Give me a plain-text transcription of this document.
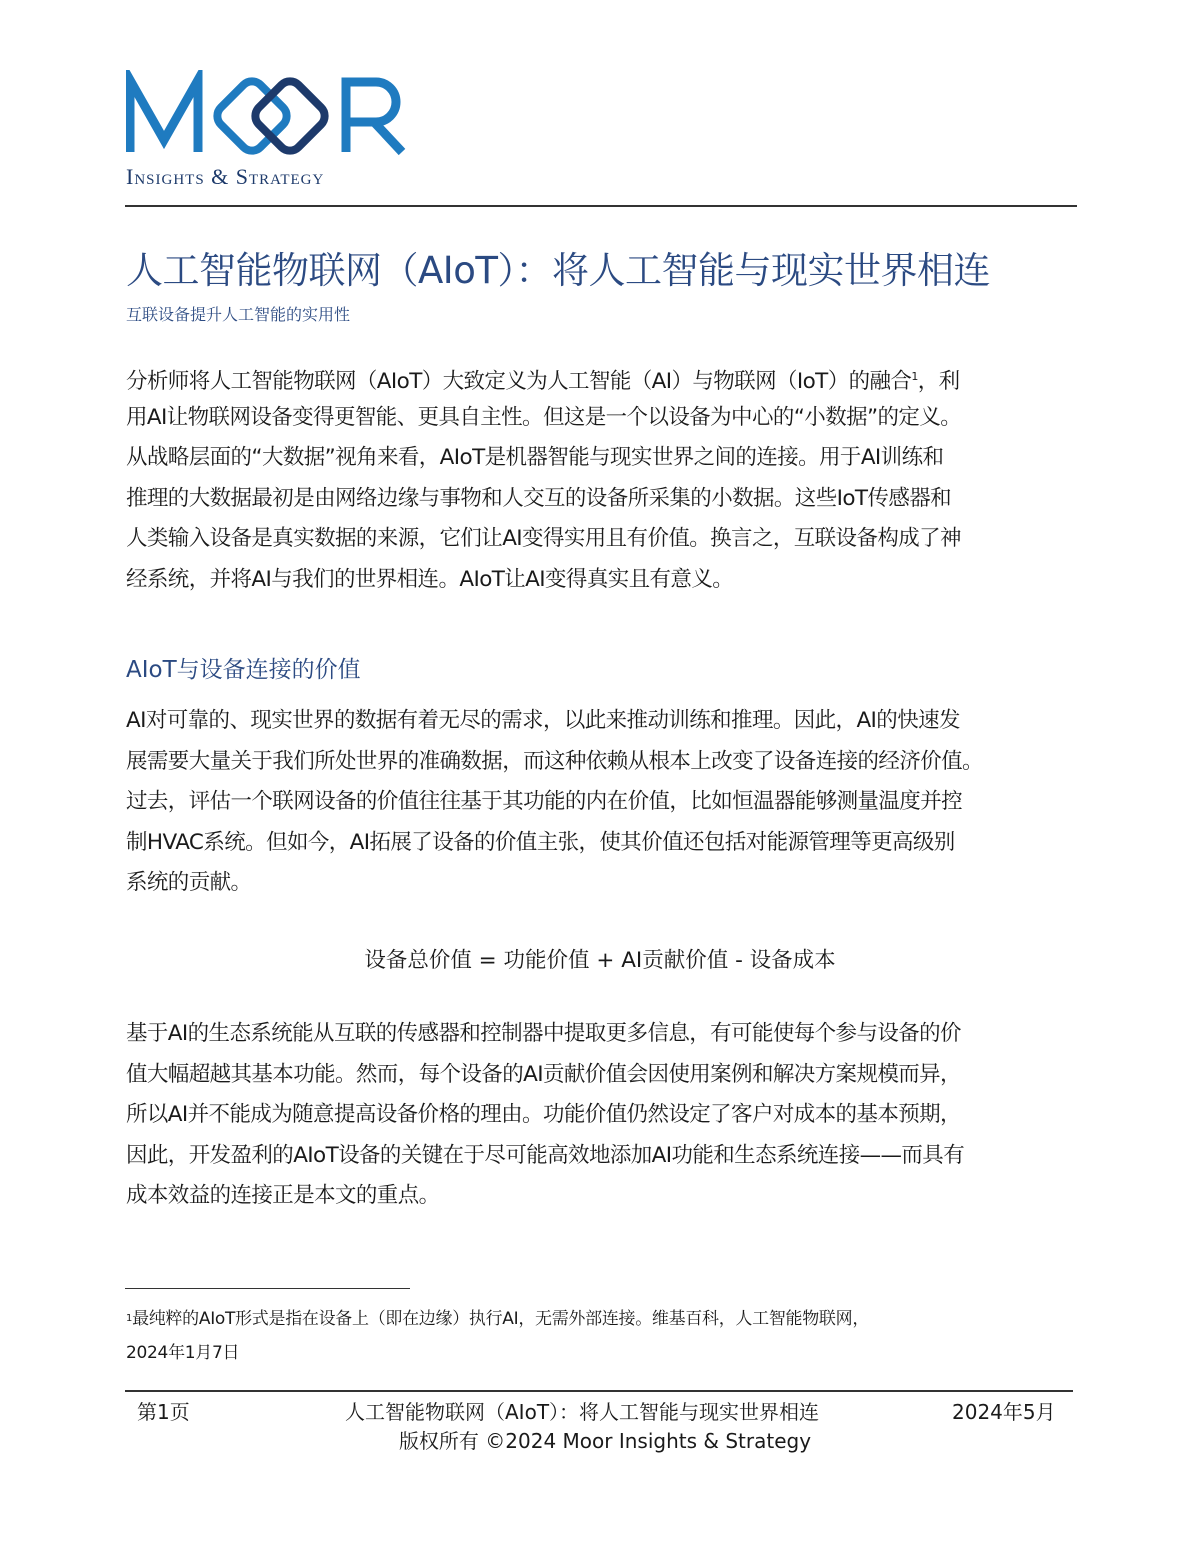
Insights & Strategy
人工智能物联网（AIoT）：将人工智能与现实世界相连
互联设备提升人工智能的实用性
分析师将人工智能物联网（AIoT）大致定义为人工智能（AI）与物联网（IoT）的融合$^1$，利
用AI让物联网设备变得更智能、更具自主性。但这是一个以设备为中心的“小数据”的定义。
从战略层面的“大数据”视角来看，AIoT是机器智能与现实世界之间的连接。用于AI训练和
推理的大数据最初是由网络边缘与事物和人交互的设备所采集的小数据。这些IoT传感器和
人类输入设备是真实数据的来源，它们让AI变得实用且有价值。换言之，互联设备构成了神
经系统，并将AI与我们的世界相连。AIoT让AI变得真实且有意义。
AIoT与设备连接的价值
AI对可靠的、现实世界的数据有着无尽的需求，以此来推动训练和推理。因此，AI的快速发
展需要大量关于我们所处世界的准确数据，而这种依赖从根本上改变了设备连接的经济价值。
过去，评估一个联网设备的价值往往基于其功能的内在价值，比如恒温器能够测量温度并控
制HVAC系统。但如今，AI拓展了设备的价值主张，使其价值还包括对能源管理等更高级别
系统的贡献。
设备总价值 = 功能价值 + AI贡献价值 - 设备成本
基于AI的生态系统能从互联的传感器和控制器中提取更多信息，有可能使每个参与设备的价
值大幅超越其基本功能。然而，每个设备的AI贡献价值会因使用案例和解决方案规模而异，
所以AI并不能成为随意提高设备价格的理由。功能价值仍然设定了客户对成本的基本预期，
因此，开发盈利的AIoT设备的关键在于尽可能高效地添加AI功能和生态系统连接——而具有
成本效益的连接正是本文的重点。
$^1$最纯粹的AIoT形式是指在设备上（即在边缘）执行AI，无需外部连接。维基百科，人工智能物联网，
2024年1月7日
第1页	人工智能物联网（AIoT）：将人工智能与现实世界相连	2024年5月
版权所有 ©2024 Moor Insights & Strategy
